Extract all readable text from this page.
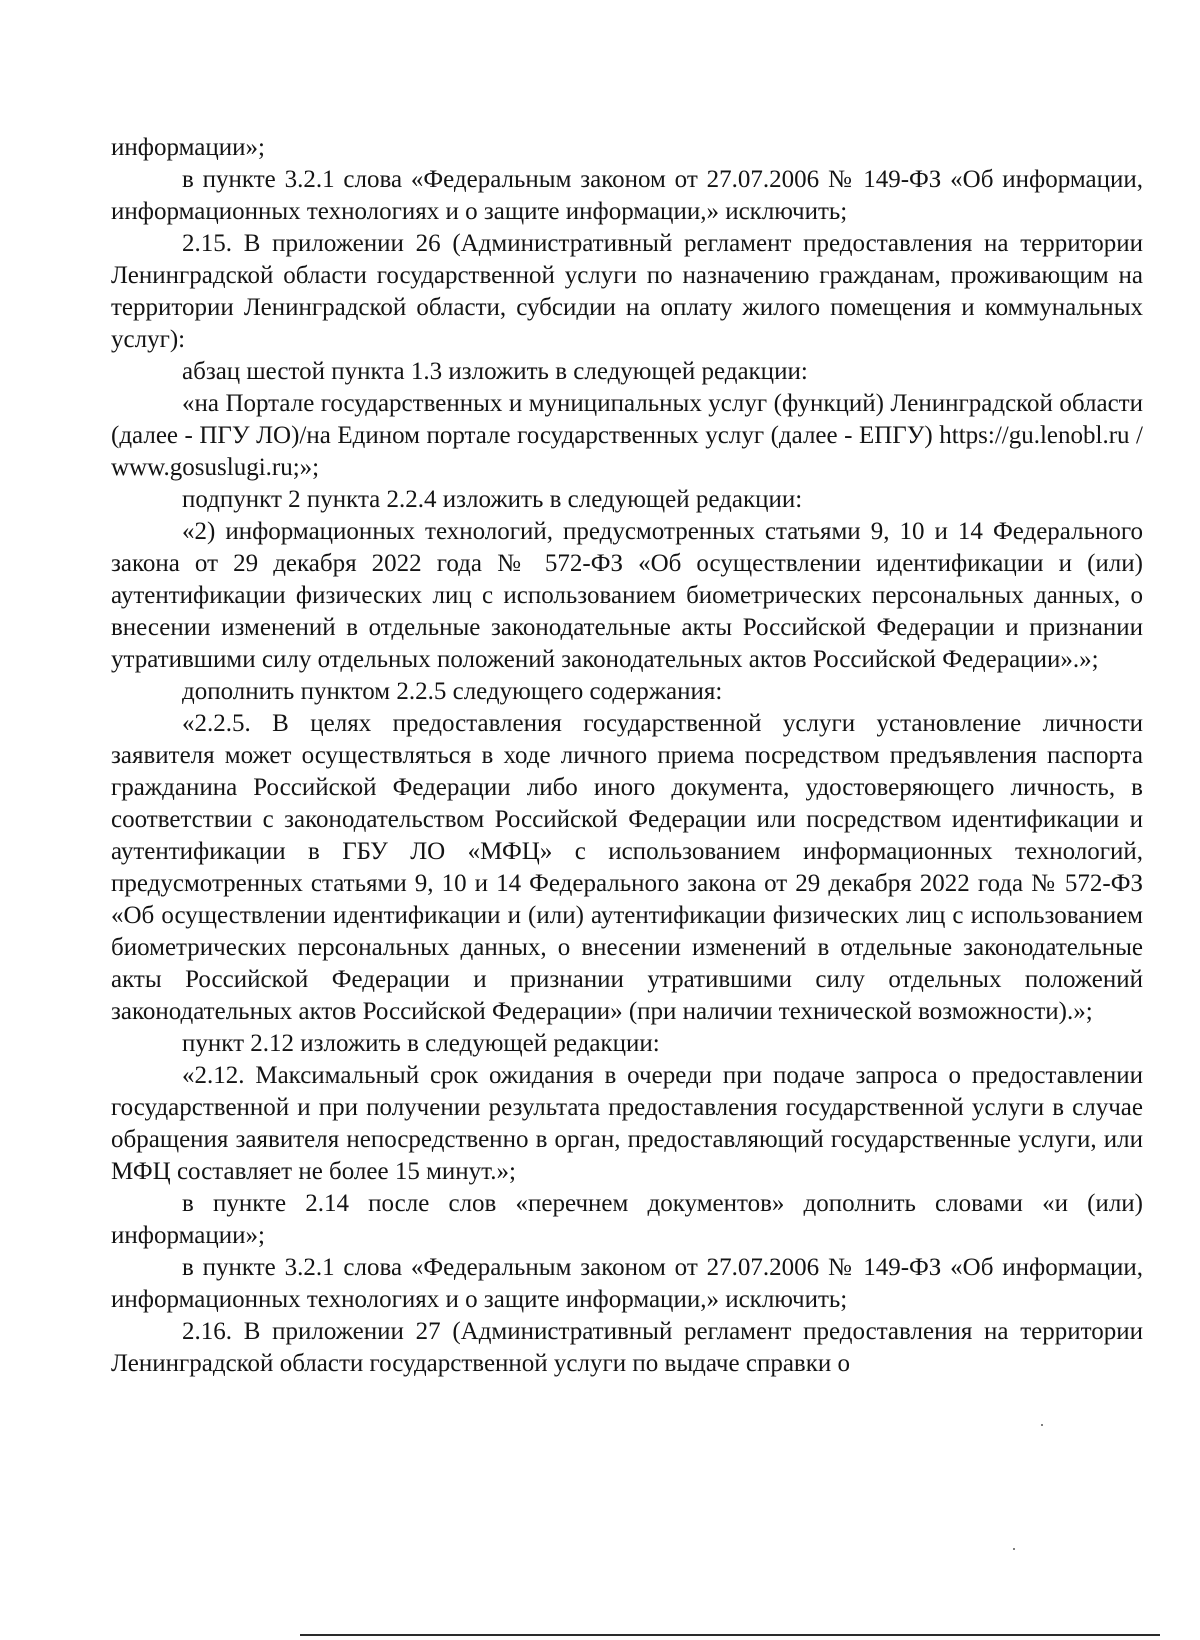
информации»;

в пункте 3.2.1 слова «Федеральным законом от 27.07.2006 № 149-ФЗ «Об информации, информационных технологиях и о защите информации,» исключить;

2.15. В приложении 26 (Административный регламент предоставления на территории Ленинградской области государственной услуги по назначению гражданам, проживающим на территории Ленинградской области, субсидии на оплату жилого помещения и коммунальных услуг):

абзац шестой пункта 1.3 изложить в следующей редакции:

«на Портале государственных и муниципальных услуг (функций) Ленинградской области (далее - ПГУ ЛО)/на Едином портале государственных услуг (далее - ЕПГУ) https://gu.lenobl.ru / www.gosuslugi.ru;»;

подпункт 2 пункта 2.2.4 изложить в следующей редакции:

«2) информационных технологий, предусмотренных статьями 9, 10 и 14 Федерального закона от 29 декабря 2022 года № 572-ФЗ «Об осуществлении идентификации и (или) аутентификации физических лиц с использованием биометрических персональных данных, о внесении изменений в отдельные законодательные акты Российской Федерации и признании утратившими силу отдельных положений законодательных актов Российской Федерации».»;

дополнить пунктом 2.2.5 следующего содержания:

«2.2.5. В целях предоставления государственной услуги установление личности заявителя может осуществляться в ходе личного приема посредством предъявления паспорта гражданина Российской Федерации либо иного документа, удостоверяющего личность, в соответствии с законодательством Российской Федерации или посредством идентификации и аутентификации в ГБУ ЛО «МФЦ» с использованием информационных технологий, предусмотренных статьями 9, 10 и 14 Федерального закона от 29 декабря 2022 года № 572-ФЗ «Об осуществлении идентификации и (или) аутентификации физических лиц с использованием биометрических персональных данных, о внесении изменений в отдельные законодательные акты Российской Федерации и признании утратившими силу отдельных положений законодательных актов Российской Федерации» (при наличии технической возможности).»;

пункт 2.12 изложить в следующей редакции:

«2.12. Максимальный срок ожидания в очереди при подаче запроса о предоставлении государственной и при получении результата предоставления государственной услуги в случае обращения заявителя непосредственно в орган, предоставляющий государственные услуги, или МФЦ составляет не более 15 минут.»;

в пункте 2.14 после слов «перечнем документов» дополнить словами «и (или) информации»;

в пункте 3.2.1 слова «Федеральным законом от 27.07.2006 № 149-ФЗ «Об информации, информационных технологиях и о защите информации,» исключить;

2.16. В приложении 27 (Административный регламент предоставления на территории Ленинградской области государственной услуги по выдаче справки о
